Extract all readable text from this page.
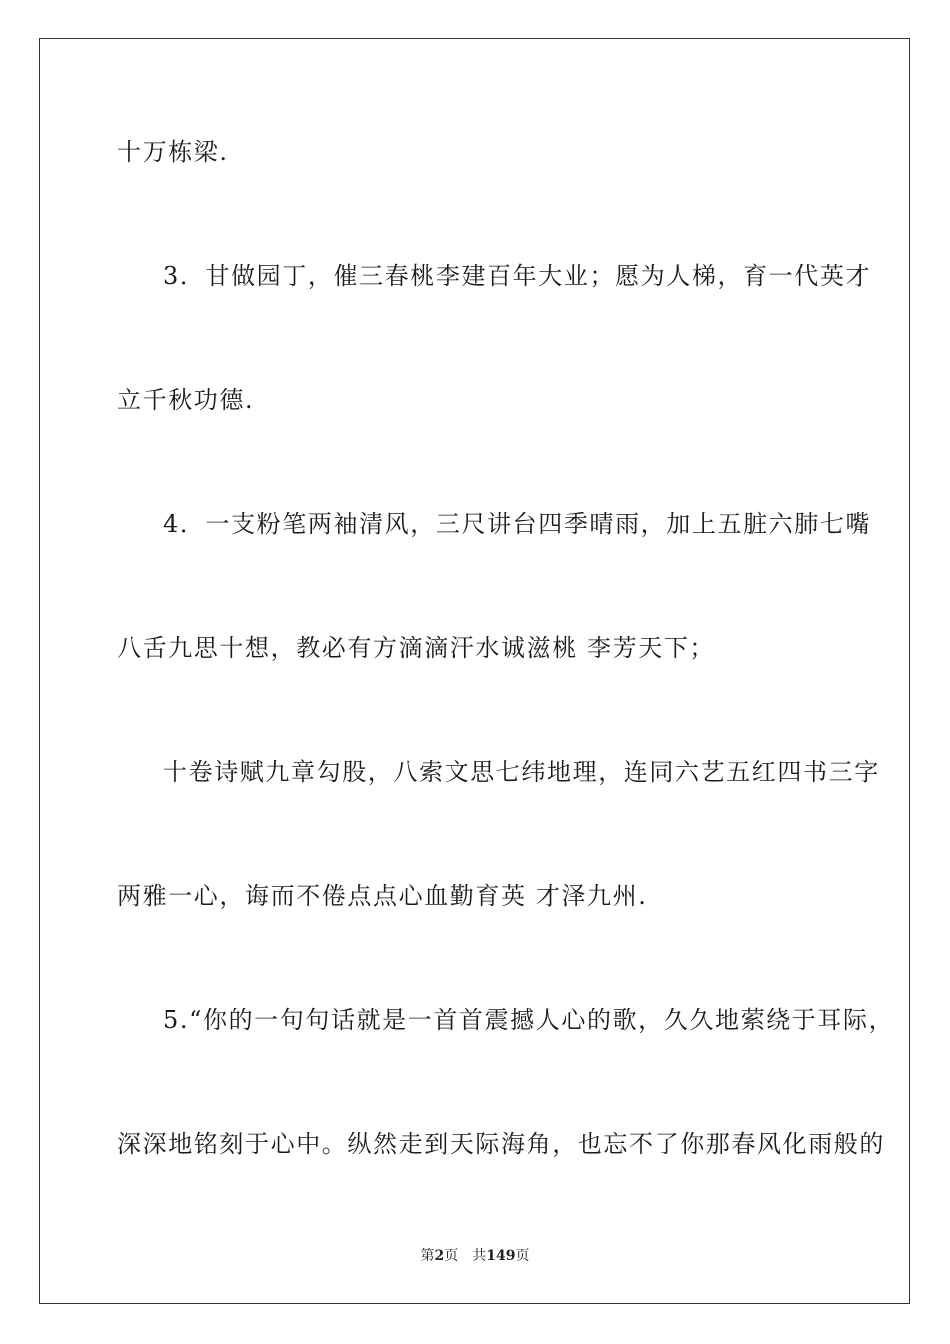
十万栋梁.
3．甘做园丁，催三春桃李建百年大业；愿为人梯，育一代英才
立千秋功德.
4．一支粉笔两袖清风，三尺讲台四季晴雨，加上五脏六肺七嘴
八舌九思十想，教必有方滴滴汗水诚滋桃 李芳天下；
十卷诗赋九章勾股，八索文思七纬地理，连同六艺五红四书三字
两雅一心，诲而不倦点点心血勤育英 才泽九州.
5.“你的一句句话就是一首首震撼人心的歌，久久地萦绕于耳际，
深深地铭刻于心中。纵然走到天际海角，也忘不了你那春风化雨般的
第2页 共149页
